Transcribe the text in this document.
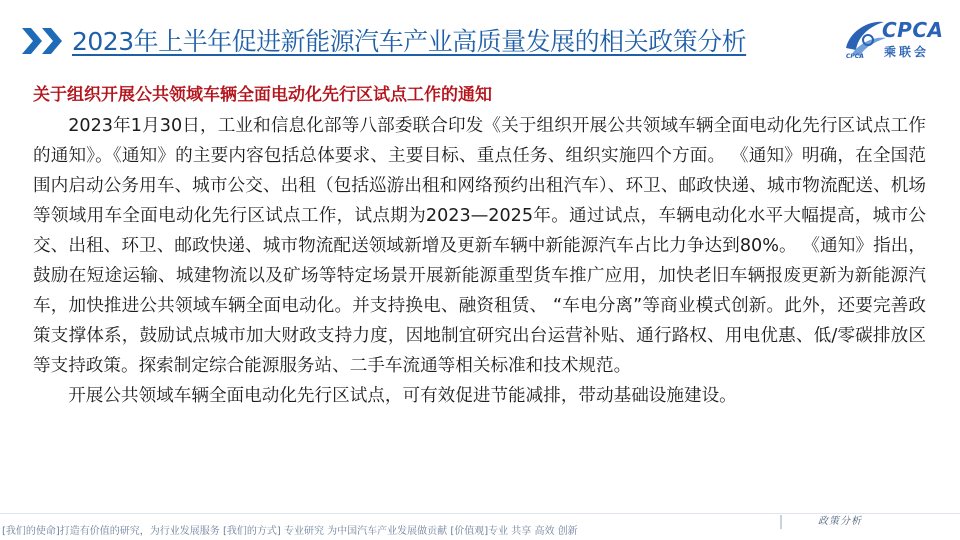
2023年上半年促进新能源汽车产业高质量发展的相关政策分析	CPCA
乘联会
CPCA
关于组织开展公共领域车辆全面电动化先行区试点工作的通知

2023年1月30日，工业和信息化部等八部委联合印发《关于组织开展公共领域车辆全面电动化先行区试点工作的通知》。《通知》的主要内容包括总体要求、主要目标、重点任务、组织实施四个方面。 《通知》明确，在全国范围内启动公务用车、城市公交、出租（包括巡游出租和网络预约出租汽车）、环卫、邮政快递、城市物流配送、机场等领域用车全面电动化先行区试点工作，试点期为2023—2025年。通过试点，车辆电动化水平大幅提高，城市公交、出租、环卫、邮政快递、城市物流配送领域新增及更新车辆中新能源汽车占比力争达到80%。 《通知》指出，鼓励在短途运输、城建物流以及矿场等特定场景开展新能源重型货车推广应用，加快老旧车辆报废更新为新能源汽车，加快推进公共领域车辆全面电动化。并支持换电、融资租赁、 “车电分离”等商业模式创新。此外，还要完善政策支撑体系，鼓励试点城市加大财政支持力度，因地制宜研究出台运营补贴、通行路权、用电优惠、低/零碳排放区等支持政策。探索制定综合能源服务站、二手车流通等相关标准和技术规范。

开展公共领域车辆全面电动化先行区试点，可有效促进节能减排，带动基础设施建设。

[我们的使命]打造有价值的研究，为行业发展服务 [我们的方式] 专业研究 为中国汽车产业发展做贡献 [价值观]专业 共享 高效 创新
政策分析
